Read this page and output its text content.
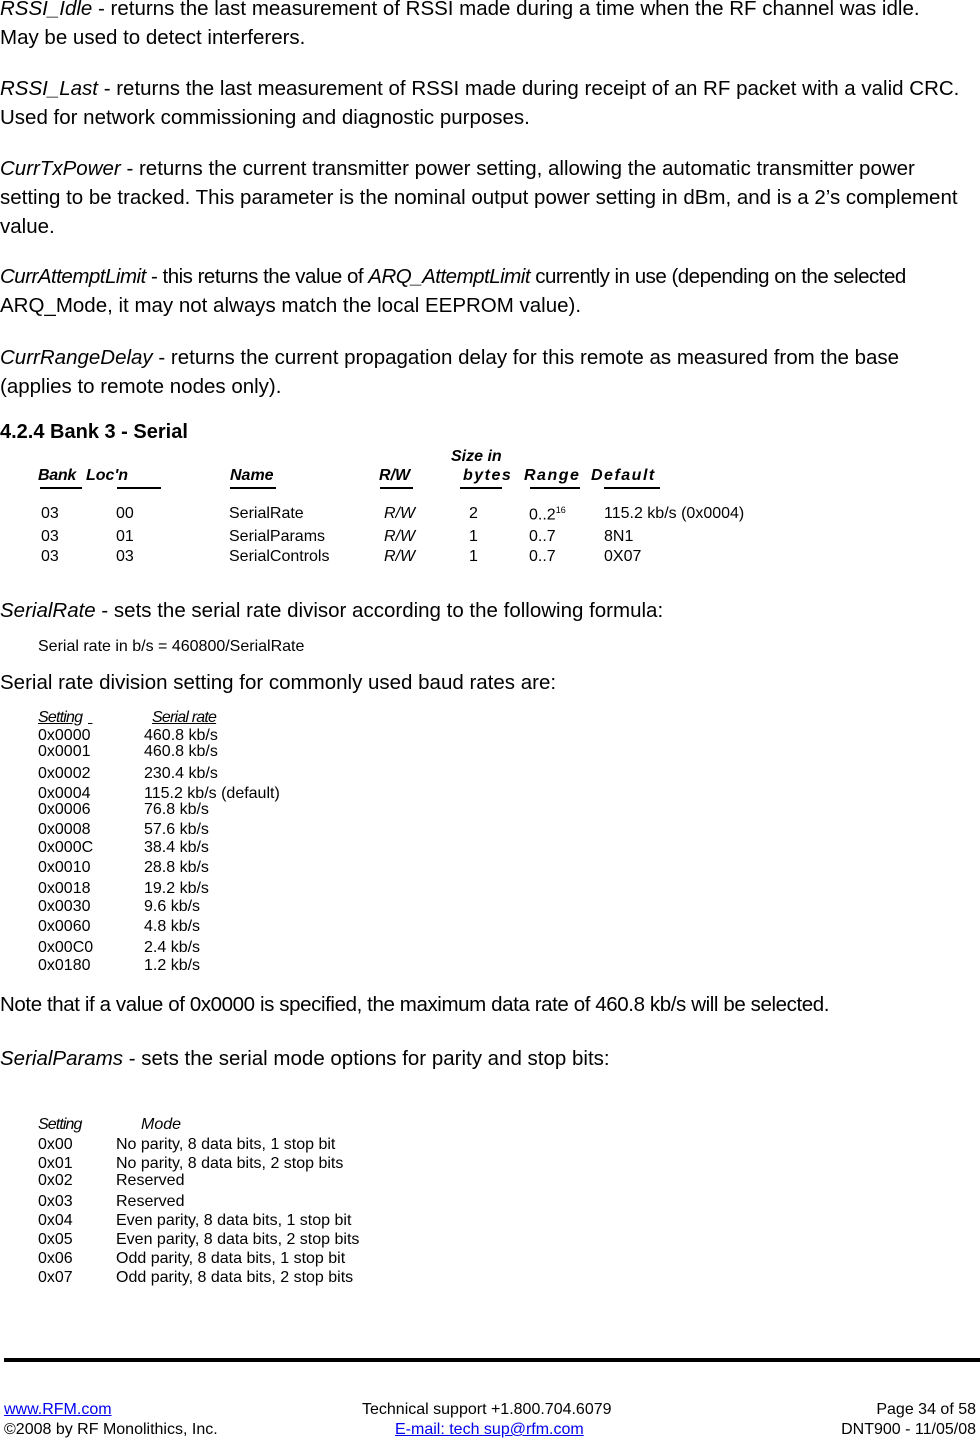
RSSI_Idle - returns the last measurement of RSSI made during a time when the RF channel was idle.
May be used to detect interferers.
RSSI_Last - returns the last measurement of RSSI made during receipt of an RF packet with a valid CRC.
Used for network commissioning and diagnostic purposes.
CurrTxPower - returns the current transmitter power setting, allowing the automatic transmitter power
setting to be tracked. This parameter is the nominal output power setting in dBm, and is a 2’s complement
value.
CurrAttemptLimit - this returns the value of ARQ_AttemptLimit currently in use (depending on the selected
ARQ_Mode, it may not always match the local EEPROM value).
CurrRangeDelay - returns the current propagation delay for this remote as measured from the base
(applies to remote nodes only).
4.2.4 Bank 3 - Serial
Size in
Bank Loc'n	Name	R/W	bytes Range Default
03	00	SerialRate	R/W	2	0..2$^{16}$ 115.2 kb/s (0x0004)
03	01	SerialParams	R/W	1	0..7	8N1
03	03	SerialControls	R/W	1	0..7	0X07
SerialRate - sets the serial rate divisor according to the following formula:
Serial rate in b/s = 460800/SerialRate
Serial rate division setting for commonly used baud rates are:
Setting
	Serial rate
0x0000	460.8 kb/s
0x0001	460.8 kb/s
0x0002	230.4 kb/s
0x0004	115.2 kb/s (default)
0x0006	76.8 kb/s
0x0008	57.6 kb/s
0x000C	38.4 kb/s
0x0010	28.8 kb/s
0x0018	19.2 kb/s
0x0030	9.6 kb/s
0x0060	4.8 kb/s
0x00C0	2.4 kb/s
0x0180	1.2 kb/s
Note that if a value of 0x0000 is specified, the maximum data rate of 460.8 kb/s will be selected.
SerialParams - sets the serial mode options for parity and stop bits:
Setting	Mode
0x00	No parity, 8 data bits, 1 stop bit
0x01	No parity, 8 data bits, 2 stop bits
0x02	Reserved
0x03	Reserved
0x04	Even parity, 8 data bits, 1 stop bit
0x05	Even parity, 8 data bits, 2 stop bits
0x06	Odd parity, 8 data bits, 1 stop bit
0x07	Odd parity, 8 data bits, 2 stop bits
www.RFM.com
©2008 by RF Monolithics, Inc.
Technical support +1.800.704.6079
E-mail: tech sup@rfm.com
Page 34 of 58
DNT900 - 11/05/08
